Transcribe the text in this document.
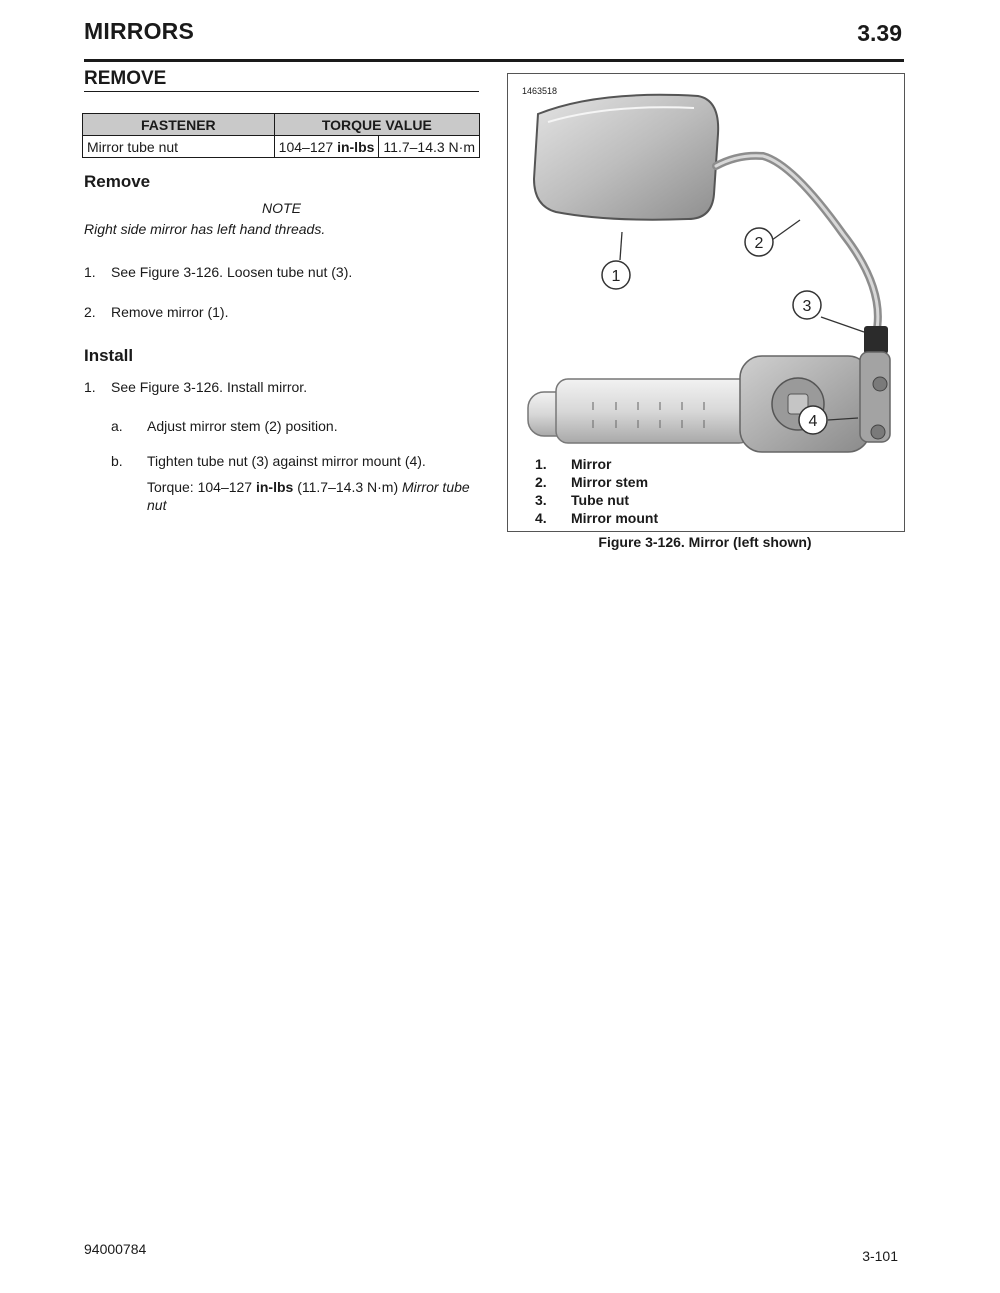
MIRRORS	3.39
REMOVE
FASTENER	TORQUE VALUE	
Mirror tube nut	104–127 in-lbs	11.7–14.3 N·m
Remove
NOTE
Right side mirror has left hand threads.
1. See Figure 3-126. Loosen tube nut (3).
2. Remove mirror (1).
Install
1. See Figure 3-126. Install mirror.
a. Adjust mirror stem (2) position.
b. Tighten tube nut (3) against mirror mount (4).
Torque: 104–127 in-lbs (11.7–14.3 N·m) Mirror tube
nut
1463518
1
2
3
4
1. Mirror
2. Mirror stem
3. Tube nut
4. Mirror mount
Figure 3-126. Mirror (left shown)
94000784	3-101
